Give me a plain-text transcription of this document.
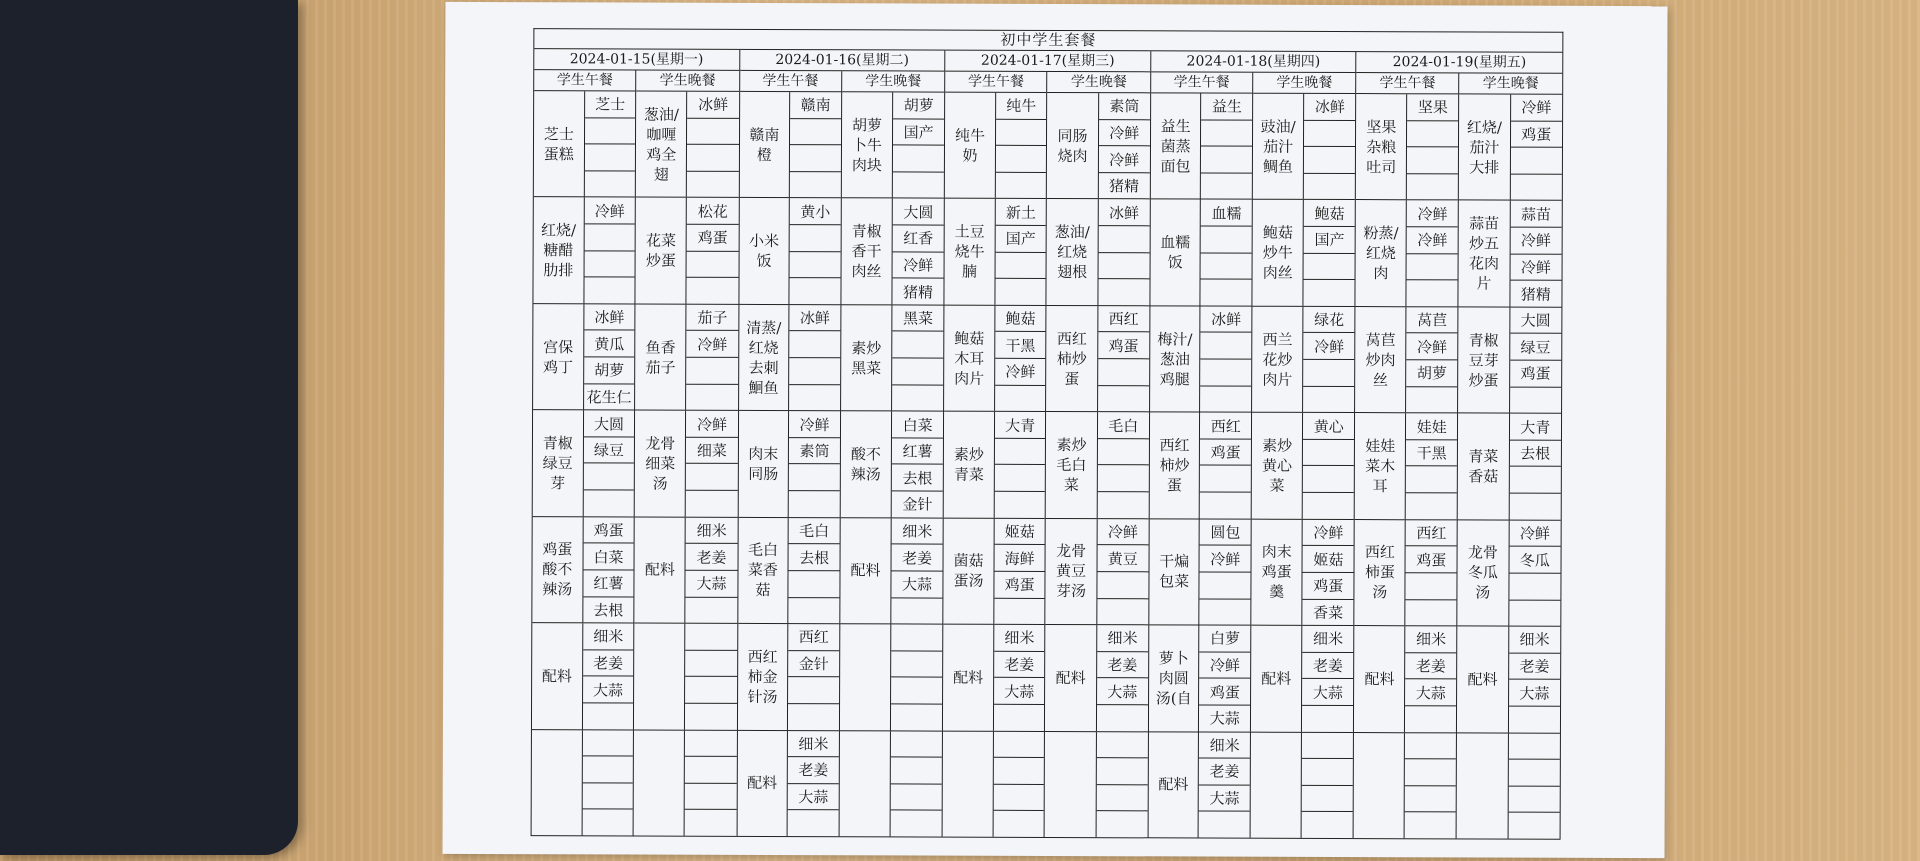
初中学生套餐
2024-01-15(星期一)
学生午餐
芝士蛋糕
芝士
红烧/糖醋肋排
冷鲜
宫保鸡丁
冰鲜
黄瓜
胡萝
花生仁
青椒绿豆芽
大圆
绿豆
鸡蛋酸不辣汤
鸡蛋
白菜
红薯
去根
配料
细米
老姜
大蒜
学生晚餐
葱油/咖喱鸡全翅
冰鲜
花菜炒蛋
松花
鸡蛋
鱼香茄子
茄子
冷鲜
龙骨细菜汤
冷鲜
细菜
配料
细米
老姜
大蒜
2024-01-16(星期二)
学生午餐
赣南橙
赣南
小米饭
黄小
清蒸/红烧去刺鮰鱼
冰鲜
肉末同肠
冷鲜
素筒
毛白菜香菇
毛白
去根
西红柿金针汤
西红
金针
配料
细米
老姜
大蒜
学生晚餐
胡萝卜牛肉块
胡萝
国产
青椒香干肉丝
大圆
红香
冷鲜
猪精
素炒黑菜
黑菜
酸不辣汤
白菜
红薯
去根
金针
配料
细米
老姜
大蒜
2024-01-17(星期三)
学生午餐
纯牛奶
纯牛
土豆烧牛腩
新土
国产
鲍菇木耳肉片
鲍菇
干黑
冷鲜
素炒青菜
大青
菌菇蛋汤
姬菇
海鲜
鸡蛋
配料
细米
老姜
大蒜
学生晚餐
同肠烧肉
素筒
冷鲜
冷鲜
猪精
葱油/红烧翅根
冰鲜
西红柿炒蛋
西红
鸡蛋
素炒毛白菜
毛白
龙骨黄豆芽汤
冷鲜
黄豆
配料
细米
老姜
大蒜
2024-01-18(星期四)
学生午餐
益生菌蒸面包
益生
血糯饭
血糯
梅汁/葱油鸡腿
冰鲜
西红柿炒蛋
西红
鸡蛋
干煸包菜
圆包
冷鲜
萝卜肉圆汤(自
白萝
冷鲜
鸡蛋
大蒜
配料
细米
老姜
大蒜
学生晚餐
豉油/茄汁鲷鱼
冰鲜
鲍菇炒牛肉丝
鲍菇
国产
西兰花炒肉片
绿花
冷鲜
素炒黄心菜
黄心
肉末鸡蛋羹
冷鲜
姬菇
鸡蛋
香菜
配料
细米
老姜
大蒜
2024-01-19(星期五)
学生午餐
坚果杂粮吐司
坚果
粉蒸/红烧肉
冷鲜
冷鲜
莴苣炒肉丝
莴苣
冷鲜
胡萝
娃娃菜木耳
娃娃
干黑
西红柿蛋汤
西红
鸡蛋
配料
细米
老姜
大蒜
学生晚餐
红烧/茄汁大排
冷鲜
鸡蛋
蒜苗炒五花肉片
蒜苗
冷鲜
冷鲜
猪精
青椒豆芽炒蛋
大圆
绿豆
鸡蛋
青菜香菇
大青
去根
龙骨冬瓜汤
冷鲜
冬瓜
配料
细米
老姜
大蒜
